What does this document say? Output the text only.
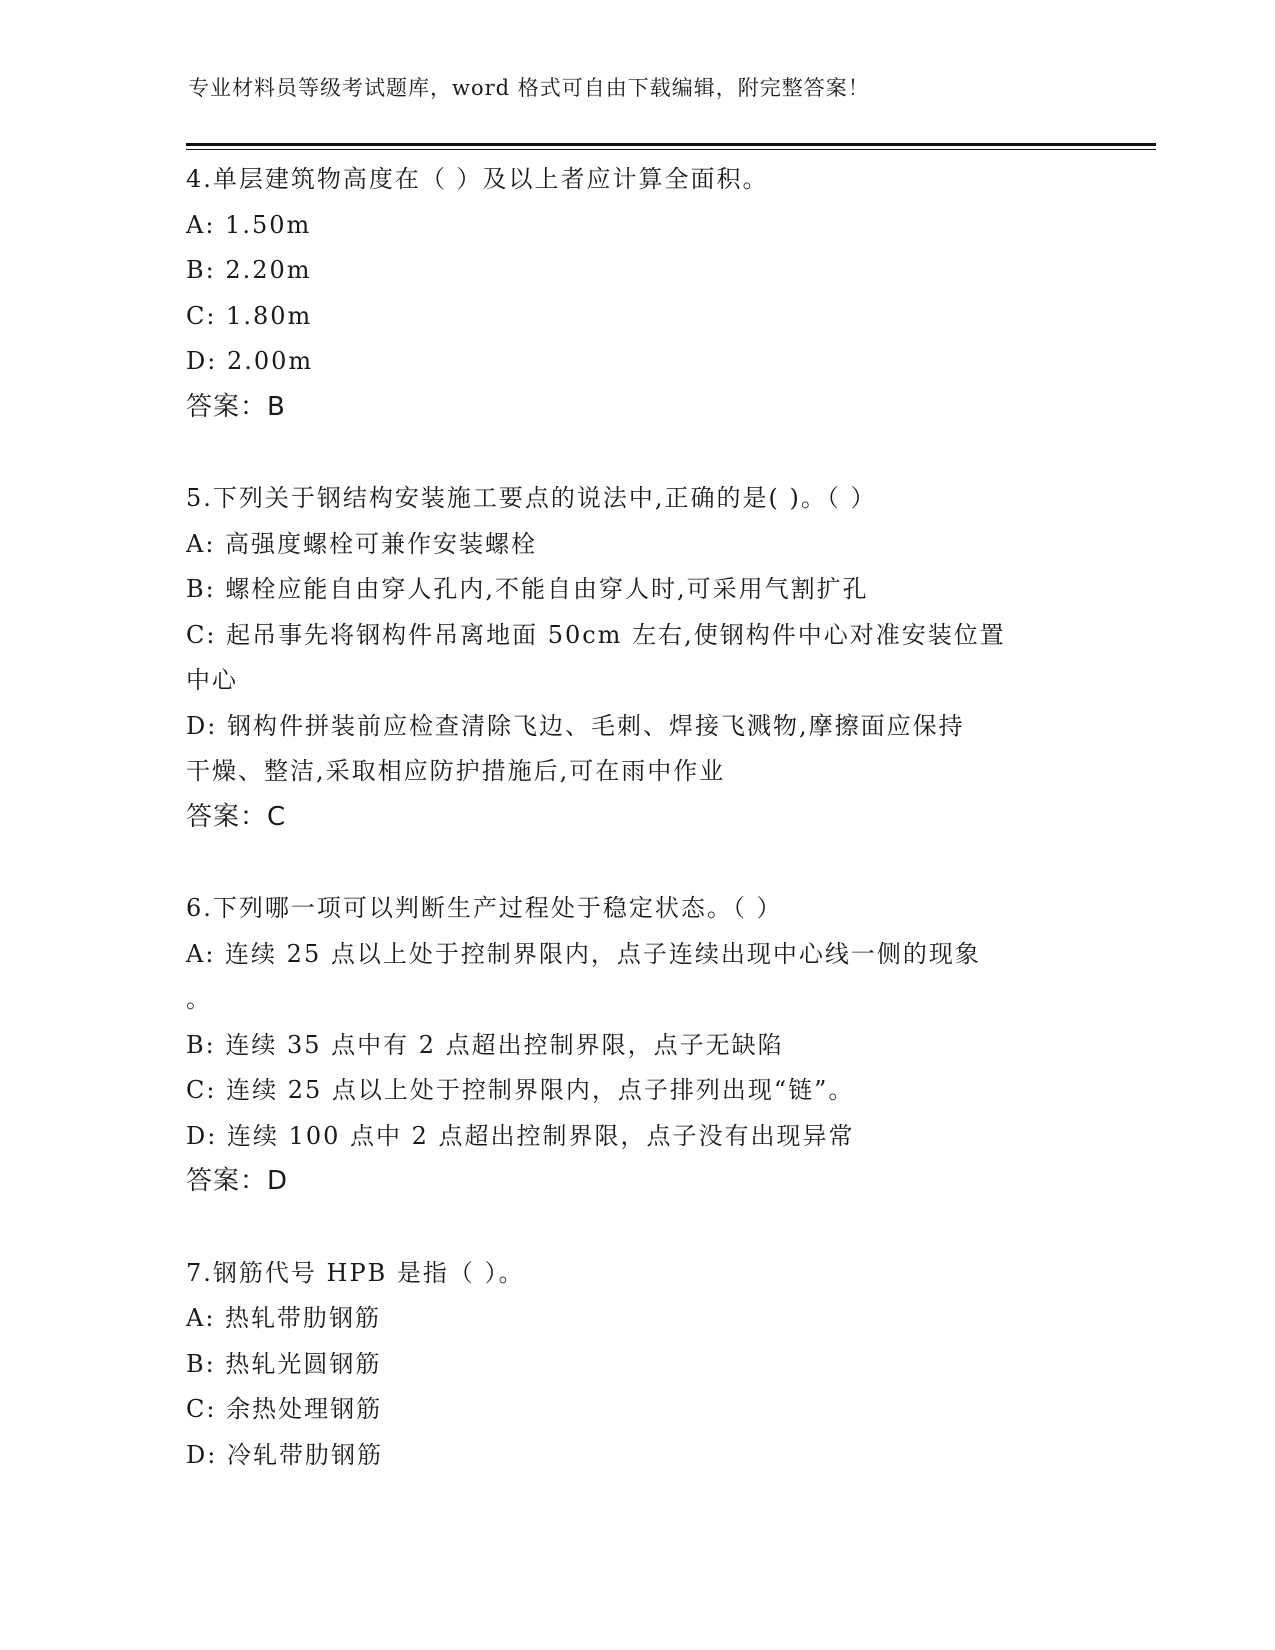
专业材料员等级考试题库，word 格式可自由下载编辑，附完整答案！
4.单层建筑物高度在（ ）及以上者应计算全面积。
A: 1.50m
B: 2.20m
C: 1.80m
D: 2.00m
答案：B
5.下列关于钢结构安装施工要点的说法中,正确的是( )。（ ）
A: 高强度螺栓可兼作安装螺栓
B: 螺栓应能自由穿人孔内,不能自由穿人时,可采用气割扩孔
C: 起吊事先将钢构件吊离地面 50cm 左右,使钢构件中心对准安装位置
中心
D: 钢构件拼装前应检查清除飞边、毛刺、焊接飞溅物,摩擦面应保持
干燥、整洁,采取相应防护措施后,可在雨中作业
答案：C
6.下列哪一项可以判断生产过程处于稳定状态。（ ）
A: 连续 25 点以上处于控制界限内，点子连续出现中心线一侧的现象
。
B: 连续 35 点中有 2 点超出控制界限，点子无缺陷
C: 连续 25 点以上处于控制界限内，点子排列出现“链”。
D: 连续 100 点中 2 点超出控制界限，点子没有出现异常
答案：D
7.钢筋代号 HPB 是指（ ）。
A: 热轧带肋钢筋
B: 热轧光圆钢筋
C: 余热处理钢筋
D: 冷轧带肋钢筋
